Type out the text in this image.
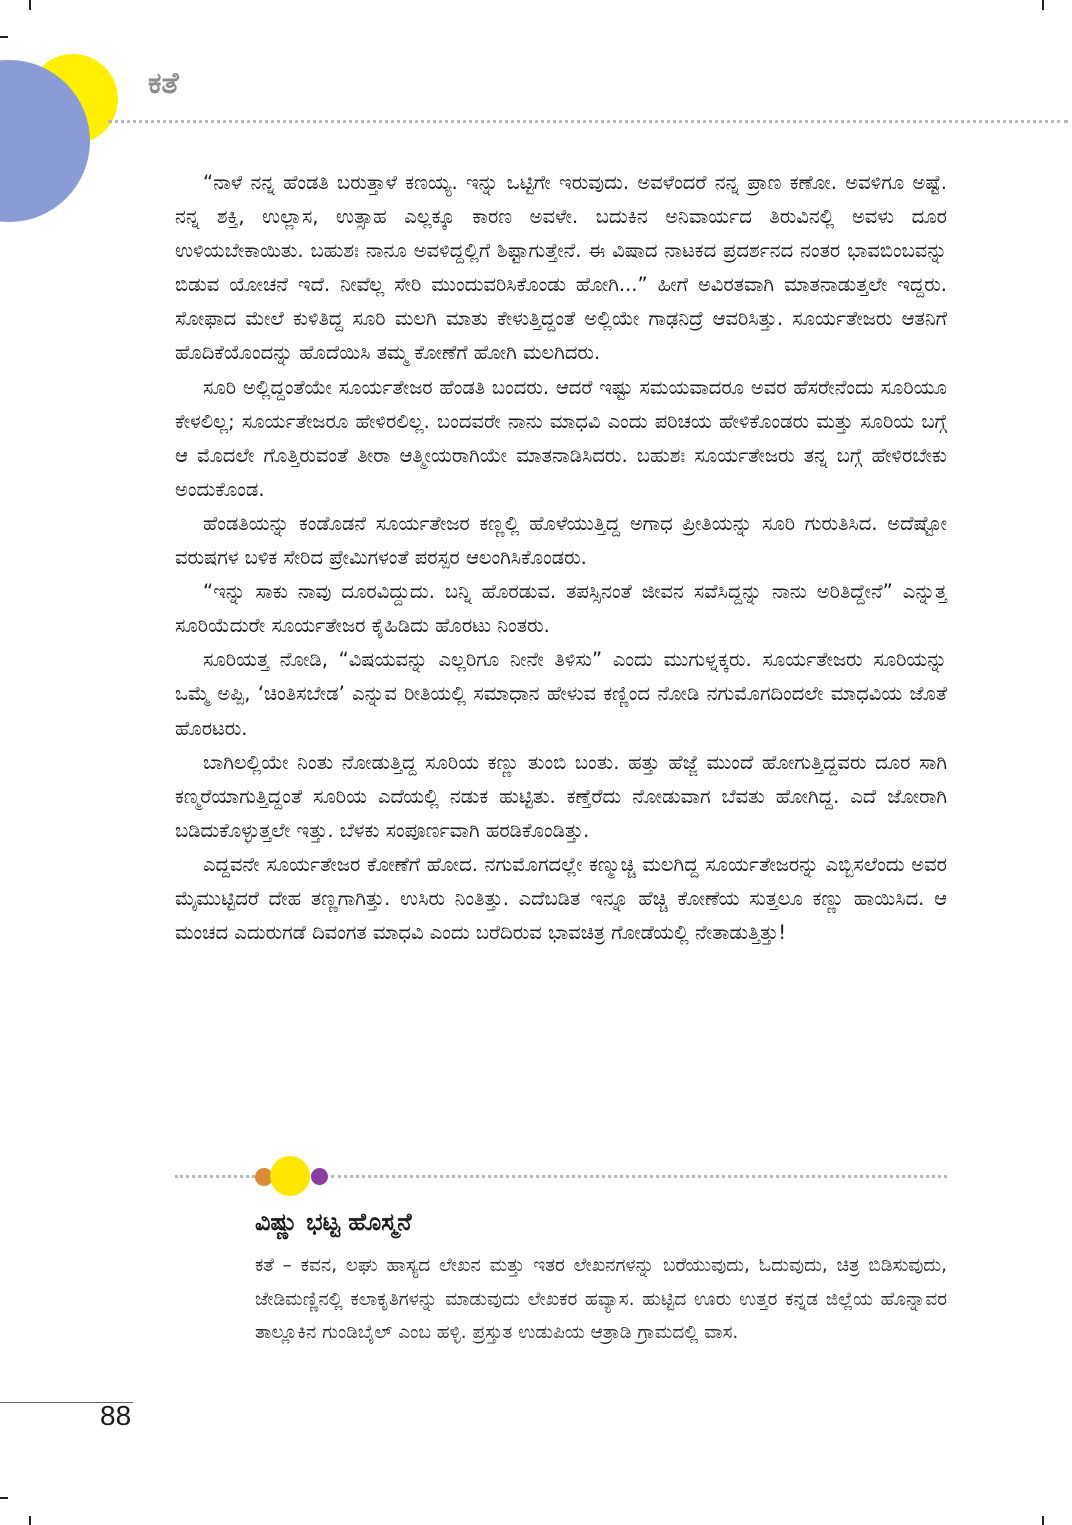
ಕತೆ

“ನಾಳೆ ನನ್ನ ಹೆಂಡತಿ ಬರುತ್ತಾಳೆ ಕಣಯ್ಯ. ಇನ್ನು ಒಟ್ಟಿಗೇ ಇರುವುದು. ಅವಳೆಂದರೆ ನನ್ನ ಪ್ರಾಣ ಕಣೋ. ಅವಳಿಗೂ ಅಷ್ಟೆ. ನನ್ನ ಶಕ್ತಿ, ಉಲ್ಲಾಸ, ಉತ್ಸಾಹ ಎಲ್ಲಕ್ಕೂ ಕಾರಣ ಅವಳೇ. ಬದುಕಿನ ಅನಿವಾರ್ಯದ ತಿರುವಿನಲ್ಲಿ ಅವಳು ದೂರ ಉಳಿಯಬೇಕಾಯಿತು. ಬಹುಶಃ ನಾನೂ ಅವಳಿದ್ದಲ್ಲಿಗೆ ಶಿಫ್ಟಾಗುತ್ತೇನೆ. ಈ ವಿಷಾದ ನಾಟಕದ ಪ್ರದರ್ಶನದ ನಂತರ ಭಾವಬಿಂಬವನ್ನು ಬಿಡುವ ಯೋಚನೆ ಇದೆ. ನೀವೆಲ್ಲ ಸೇರಿ ಮುಂದುವರಿಸಿಕೊಂಡು ಹೋಗಿ...” ಹೀಗೆ ಅವಿರತವಾಗಿ ಮಾತನಾಡುತ್ತಲೇ ಇದ್ದರು. ಸೋಫಾದ ಮೇಲೆ ಕುಳಿತಿದ್ದ ಸೂರಿ ಮಲಗಿ ಮಾತು ಕೇಳುತ್ತಿದ್ದಂತೆ ಅಲ್ಲಿಯೇ ಗಾಢನಿದ್ರೆ ಆವರಿಸಿತ್ತು. ಸೂರ್ಯತೇಜರು ಆತನಿಗೆ ಹೊದಿಕೆಯೊಂದನ್ನು ಹೊದೆಯಿಸಿ ತಮ್ಮ ಕೋಣೆಗೆ ಹೋಗಿ ಮಲಗಿದರು.

ಸೂರಿ ಅಲ್ಲಿದ್ದಂತೆಯೇ ಸೂರ್ಯತೇಜರ ಹೆಂಡತಿ ಬಂದರು. ಆದರೆ ಇಷ್ಟು ಸಮಯವಾದರೂ ಅವರ ಹೆಸರೇನೆಂದು ಸೂರಿಯೂ ಕೇಳಲಿಲ್ಲ; ಸೂರ್ಯತೇಜರೂ ಹೇಳಿರಲಿಲ್ಲ. ಬಂದವರೇ ನಾನು ಮಾಧವಿ ಎಂದು ಪರಿಚಯ ಹೇಳಿಕೊಂಡರು ಮತ್ತು ಸೂರಿಯ ಬಗ್ಗೆ ಆ ಮೊದಲೇ ಗೊತ್ತಿರುವಂತೆ ತೀರಾ ಆತ್ಮೀಯರಾಗಿಯೇ ಮಾತನಾಡಿಸಿದರು. ಬಹುಶಃ ಸೂರ್ಯತೇಜರು ತನ್ನ ಬಗ್ಗೆ ಹೇಳಿರಬೇಕು ಅಂದುಕೊಂಡ.

ಹೆಂಡತಿಯನ್ನು ಕಂಡೊಡನೆ ಸೂರ್ಯತೇಜರ ಕಣ್ಣಲ್ಲಿ ಹೊಳೆಯುತ್ತಿದ್ದ ಅಗಾಧ ಪ್ರೀತಿಯನ್ನು ಸೂರಿ ಗುರುತಿಸಿದ. ಅದೆಷ್ಟೋ ವರುಷಗಳ ಬಳಿಕ ಸೇರಿದ ಪ್ರೇಮಿಗಳಂತೆ ಪರಸ್ಪರ ಆಲಂಗಿಸಿಕೊಂಡರು.

“ಇನ್ನು ಸಾಕು ನಾವು ದೂರವಿದ್ದುದು. ಬನ್ನಿ ಹೊರಡುವ. ತಪಸ್ಸಿನಂತೆ ಜೀವನ ಸವೆಸಿದ್ದನ್ನು ನಾನು ಅರಿತಿದ್ದೇನೆ” ಎನ್ನುತ್ತ ಸೂರಿಯೆದುರೇ ಸೂರ್ಯತೇಜರ ಕೈಹಿಡಿದು ಹೊರಟು ನಿಂತರು.

ಸೂರಿಯತ್ತ ನೋಡಿ, “ವಿಷಯವನ್ನು ಎಲ್ಲರಿಗೂ ನೀನೇ ತಿಳಿಸು” ಎಂದು ಮುಗುಳ್ನಕ್ಕರು. ಸೂರ್ಯತೇಜರು ಸೂರಿಯನ್ನು ಒಮ್ಮೆ ಅಪ್ಪಿ, ‘ಚಿಂತಿಸಬೇಡ’ ಎನ್ನುವ ರೀತಿಯಲ್ಲಿ ಸಮಾಧಾನ ಹೇಳುವ ಕಣ್ಣಿಂದ ನೋಡಿ ನಗುಮೊಗದಿಂದಲೇ ಮಾಧವಿಯ ಜೊತೆ ಹೊರಟರು.

ಬಾಗಿಲಲ್ಲಿಯೇ ನಿಂತು ನೋಡುತ್ತಿದ್ದ ಸೂರಿಯ ಕಣ್ಣು ತುಂಬಿ ಬಂತು. ಹತ್ತು ಹೆಜ್ಜೆ ಮುಂದೆ ಹೋಗುತ್ತಿದ್ದವರು ದೂರ ಸಾಗಿ ಕಣ್ಮರೆಯಾಗುತ್ತಿದ್ದಂತೆ ಸೂರಿಯ ಎದೆಯಲ್ಲಿ ನಡುಕ ಹುಟ್ಟಿತು. ಕಣ್ತೆರೆದು ನೋಡುವಾಗ ಬೆವತು ಹೋಗಿದ್ದ. ಎದೆ ಜೋರಾಗಿ ಬಡಿದುಕೊಳ್ಳುತ್ತಲೇ ಇತ್ತು. ಬೆಳಕು ಸಂಪೂರ್ಣವಾಗಿ ಹರಡಿಕೊಂಡಿತ್ತು.

ಎದ್ದವನೇ ಸೂರ್ಯತೇಜರ ಕೋಣೆಗೆ ಹೋದ. ನಗುಮೊಗದಲ್ಲೇ ಕಣ್ಮುಚ್ಚಿ ಮಲಗಿದ್ದ ಸೂರ್ಯತೇಜರನ್ನು ಎಬ್ಬಿಸಲೆಂದು ಅವರ ಮೈಮುಟ್ಟಿದರೆ ದೇಹ ತಣ್ಣಗಾಗಿತ್ತು. ಉಸಿರು ನಿಂತಿತ್ತು. ಎದೆಬಡಿತ ಇನ್ನೂ ಹೆಚ್ಚಿ ಕೋಣೆಯ ಸುತ್ತಲೂ ಕಣ್ಣು ಹಾಯಿಸಿದ. ಆ ಮಂಚದ ಎದುರುಗಡೆ ದಿವಂಗತ ಮಾಧವಿ ಎಂದು ಬರೆದಿರುವ ಭಾವಚಿತ್ರ ಗೋಡೆಯಲ್ಲಿ ನೇತಾಡುತ್ತಿತ್ತು!

ವಿಷ್ಣು ಭಟ್ಟ ಹೊಸ್ಮನೆ

ಕತೆ – ಕವನ, ಲಘು ಹಾಸ್ಯದ ಲೇಖನ ಮತ್ತು ಇತರ ಲೇಖನಗಳನ್ನು ಬರೆಯುವುದು, ಓದುವುದು, ಚಿತ್ರ ಬಿಡಿಸುವುದು, ಜೇಡಿಮಣ್ಣಿನಲ್ಲಿ ಕಲಾಕೃತಿಗಳನ್ನು ಮಾಡುವುದು ಲೇಖಕರ ಹವ್ಯಾಸ. ಹುಟ್ಟಿದ ಊರು ಉತ್ತರ ಕನ್ನಡ ಜಿಲ್ಲೆಯ ಹೊನ್ನಾವರ ತಾಲ್ಲೂಕಿನ ಗುಂಡಿಬೈಲ್ ಎಂಬ ಹಳ್ಳಿ. ಪ್ರಸ್ತುತ ಉಡುಪಿಯ ಆತ್ರಾಡಿ ಗ್ರಾಮದಲ್ಲಿ ವಾಸ.

88
